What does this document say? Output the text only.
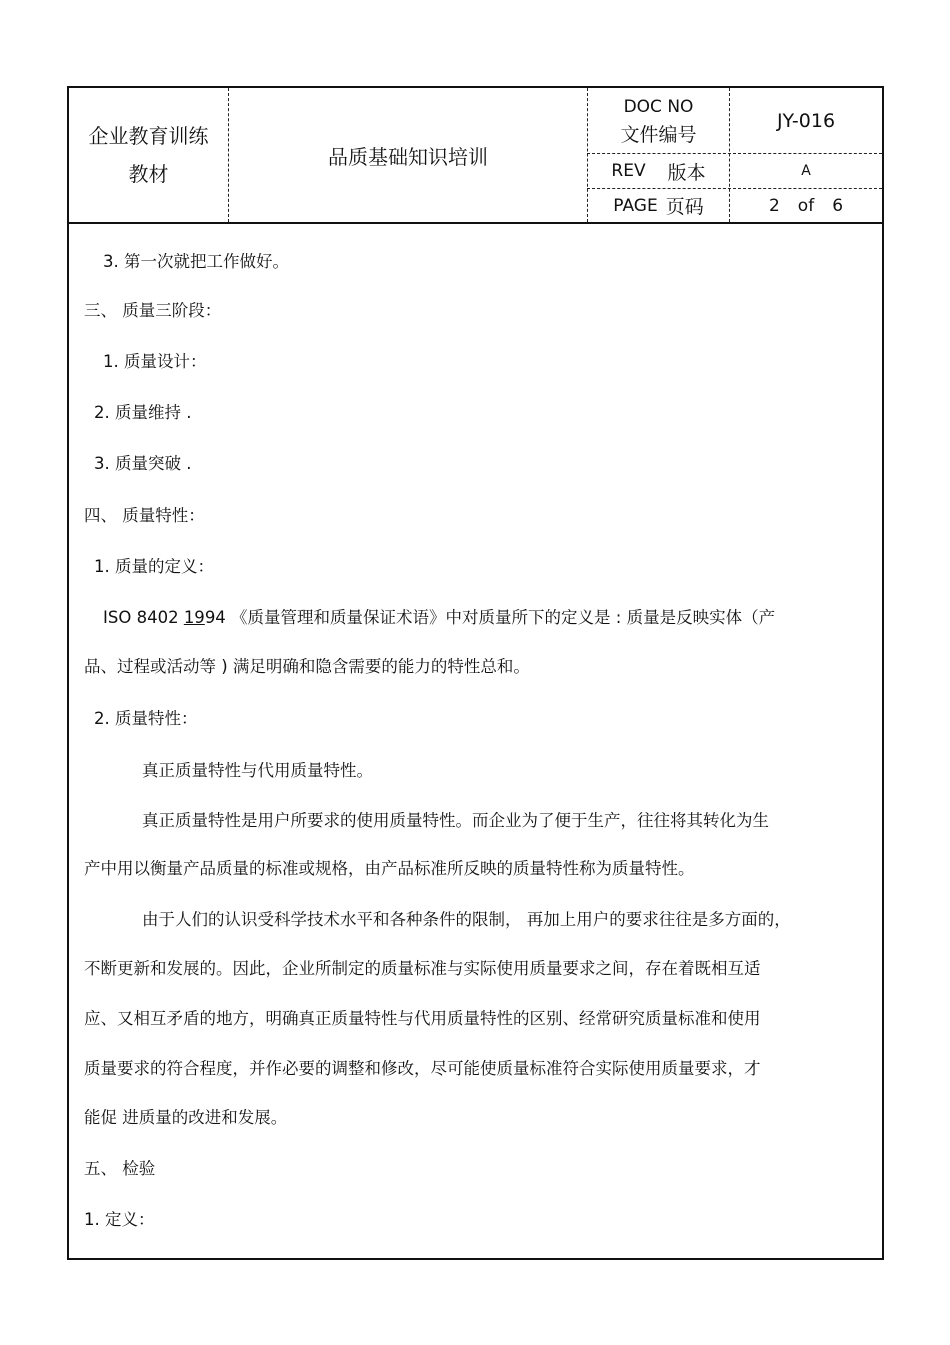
企业教育训练
教材
品质基础知识培训
DOC NO
文件编号
JY-016
REV 版本	A
PAGE 页码	2 of 6
3. 第一次就把工作做好。
三、 质量三阶段：
1. 质量设计：
2. 质量维持 .
3. 质量突破 .
四、 质量特性：
1. 质量的定义：
ISO 8402 1994 《质量管理和质量保证术语》中对质量所下的定义是 : 质量是反映实体（产
品、过程或活动等 ) 满足明确和隐含需要的能力的特性总和。
2. 质量特性：
真正质量特性与代用质量特性。
真正质量特性是用户所要求的使用质量特性。而企业为了便于生产，往往将其转化为生
产中用以衡量产品质量的标准或规格，由产品标准所反映的质量特性称为质量特性。
由于人们的认识受科学技术水平和各种条件的限制， 再加上用户的要求往往是多方面的，
不断更新和发展的。因此，企业所制定的质量标准与实际使用质量要求之间，存在着既相互适
应、又相互矛盾的地方，明确真正质量特性与代用质量特性的区别、经常研究质量标准和使用
质量要求的符合程度，并作必要的调整和修改，尽可能使质量标准符合实际使用质量要求，才
能促 进质量的改进和发展。
五、 检验
1. 定义：
